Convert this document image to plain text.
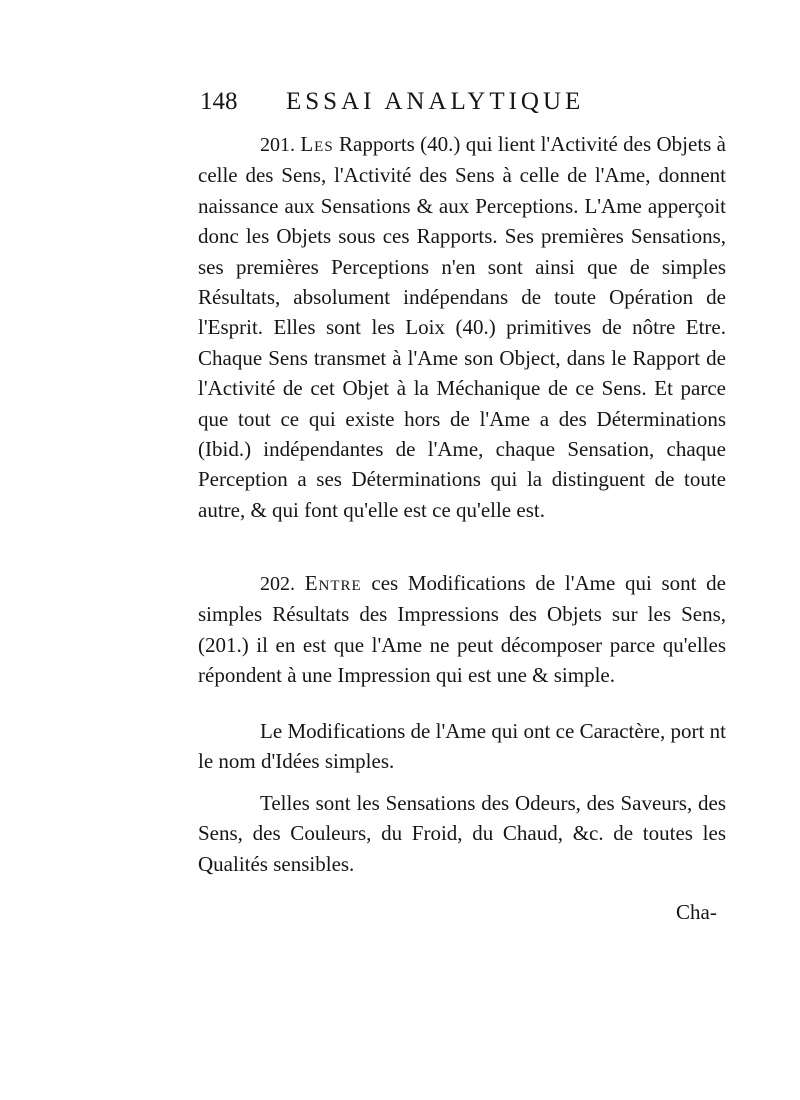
148 ESSAI ANALYTIQUE
201. Les Rapports (40.) qui lient l'Activité des Objets à celle des Sens, l'Activité des Sens à celle de l'Ame, donnent naissance aux Sensations & aux Perceptions. L'Ame apperçoit donc les Objets sous ces Rapports. Ses premières Sensations, ses premières Perceptions n'en sont ainsi que de simples Résultats, absolument indépendans de toute Opération de l'Esprit. Elles sont les Loix (40.) primitives de nôtre Etre. Chaque Sens transmet à l'Ame son Object, dans le Rapport de l'Activité de cet Objet à la Méchanique de ce Sens. Et parce que tout ce qui existe hors de l'Ame a des Déterminations (Ibid.) indépendantes de l'Ame, chaque Sensation, chaque Perception a ses Déterminations qui la distinguent de toute autre, & qui font qu'elle est ce qu'elle est.
202. Entre ces Modifications de l'Ame qui sont de simples Résultats des Impressions des Objets sur les Sens, (201.) il en est que l'Ame ne peut décomposer parce qu'elles répondent à une Impression qui est une & simple.
Le Modifications de l'Ame qui ont ce Caractère, port nt le nom d'Idées simples.
Telles sont les Sensations des Odeurs, des Saveurs, des Sens, des Couleurs, du Froid, du Chaud, &c. de toutes les Qualités sensibles.
Cha-
